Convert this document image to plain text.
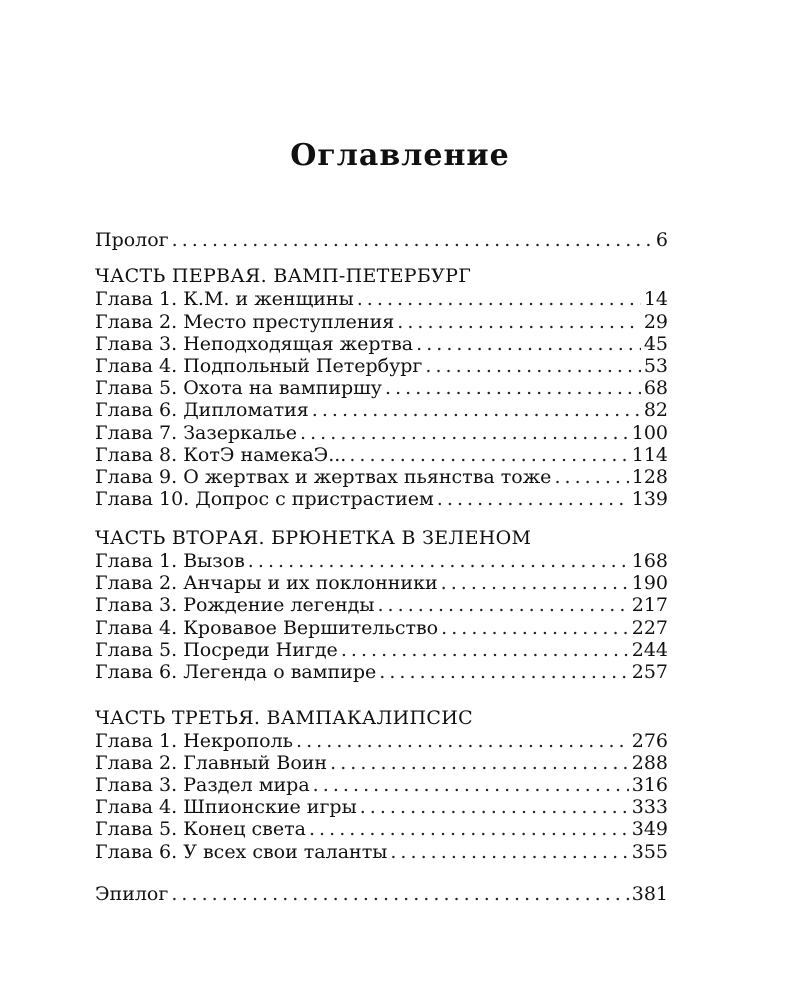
Оглавление
Пролог . . .	6
ЧАСТЬ ПЕРВАЯ. ВАМП-ПЕТЕРБУРГ
Глава 1. К.М. и женщины . . .	14
Глава 2. Место преступления . . .	29
Глава 3. Неподходящая жертва . . .	45
Глава 4. Подпольный Петербург . . .	53
Глава 5. Охота на вампиршу . . .	68
Глава 6. Дипломатия . . .	82
Глава 7. Зазеркалье . . .	100
Глава 8. КотЭ намекаЭ... . . .	114
Глава 9. О жертвах и жертвах пьянства тоже . . .	128
Глава 10. Допрос с пристрастием . . .	139
ЧАСТЬ ВТОРАЯ. БРЮНЕТКА В ЗЕЛЕНОМ
Глава 1. Вызов . . .	168
Глава 2. Анчары и их поклонники . . .	190
Глава 3. Рождение легенды . . .	217
Глава 4. Кровавое Вершительство . . .	227
Глава 5. Посреди Нигде . . .	244
Глава 6. Легенда о вампире . . .	257
ЧАСТЬ ТРЕТЬЯ. ВАМПАКАЛИПСИС
Глава 1. Некрополь . . .	276
Глава 2. Главный Воин . . .	288
Глава 3. Раздел мира . . .	316
Глава 4. Шпионские игры . . .	333
Глава 5. Конец света . . .	349
Глава 6. У всех свои таланты . . .	355
Эпилог . . .	381
